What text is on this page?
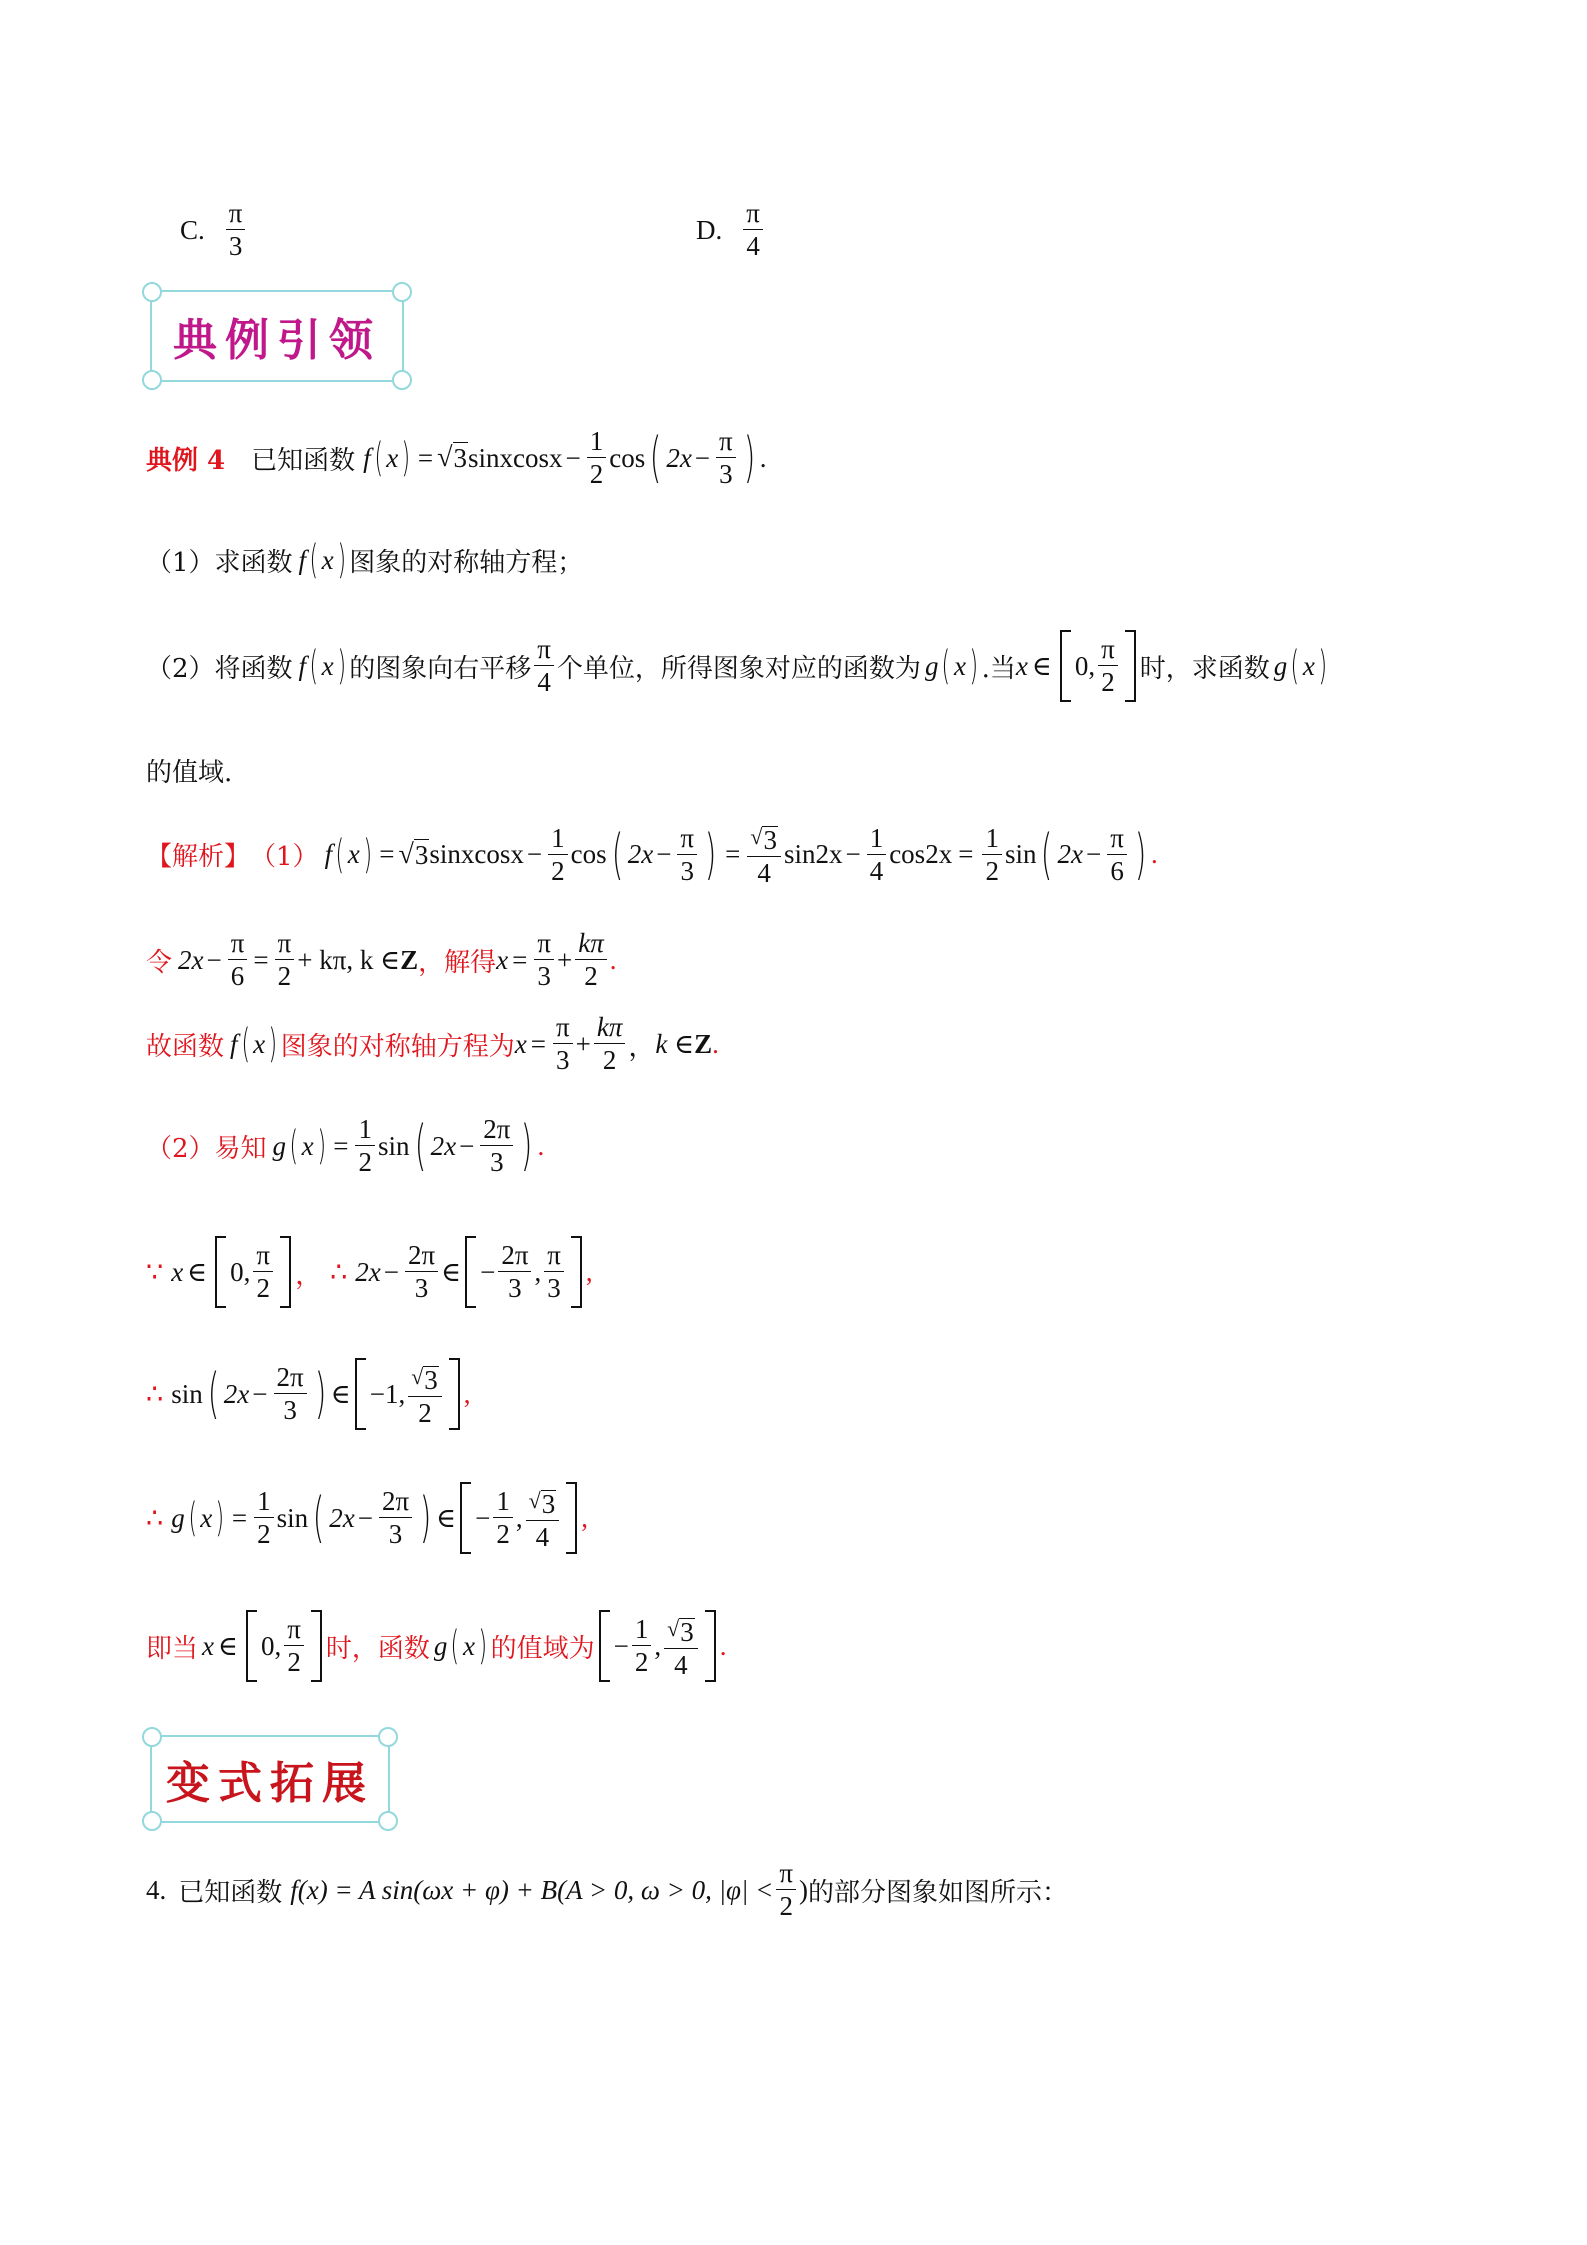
C. $\frac{\pi}{3}$	D. $\frac{\pi}{4}$
典例引领
典例 4 已知函数 f ( x ) = √ 3 sinxcosx − $\frac{1}{2}$ cos ( $2x - \frac{\pi}{3}$ ) .
（1）求函数 f ( x ) 图象的对称轴方程；
（2）将函数 f ( x ) 的图象向右平移 $\frac{\pi}{4}$ 个单位，所得图象对应的函数为 g ( x ) .当 x ∈ 0, $\frac{\pi}{2}$ 时，求函数 g ( x )
的值域.
【解析】 （1） f ( x ) = √ 3 sinxcosx − $\frac{1}{2}$ cos ( $2x - \frac{\pi}{3}$ ) = $\frac{√ 3}{4} \sin 2x - \frac{1}{4} \cos 2x = \frac{1}{2}$ sin ( $2x - \frac{\pi}{6}$ ) .
令 $2x - \frac{\pi}{6} = \frac{\pi}{2} + k\pi$, k ∈ Z ，解得 $x = \frac{\pi}{3} + \frac{k\pi}{2}$ .
故函数 f ( x ) 图象的对称轴方程为 $x = \frac{\pi}{3} + \frac{k\pi}{2}$ ， k ∈ Z .
（2）易知 g ( x ) = $\frac{1}{2}$ sin ( $2x - \frac{2\pi}{3}$ ) .
∵ x ∈ 0, $\frac{\pi}{2}$ ， ∴ $2x - \frac{2\pi}{3}$ ∈ − $\frac{2\pi}{3}$ , $\frac{\pi}{3}$ ,
∴ sin ( $2x - \frac{2\pi}{3}$ ) ∈ −1, $\frac{√ 3}{2}$ ,
∴ g ( x ) = $\frac{1}{2}$ sin ( $2x - \frac{2\pi}{3}$ ) ∈ − $\frac{1}{2}$ , $\frac{√ 3}{4}$ ,
即当 x ∈ 0, $\frac{\pi}{2}$ 时，函数 g ( x ) 的值域为 − $\frac{1}{2}$ , $\frac{√ 3}{4}$ .
变式拓展
4. 已知函数 f(x) = A sin(ωx + φ) + B(A > 0, ω > 0, $|\varphi| < \frac{\pi}{2}$ ) 的部分图象如图所示：
